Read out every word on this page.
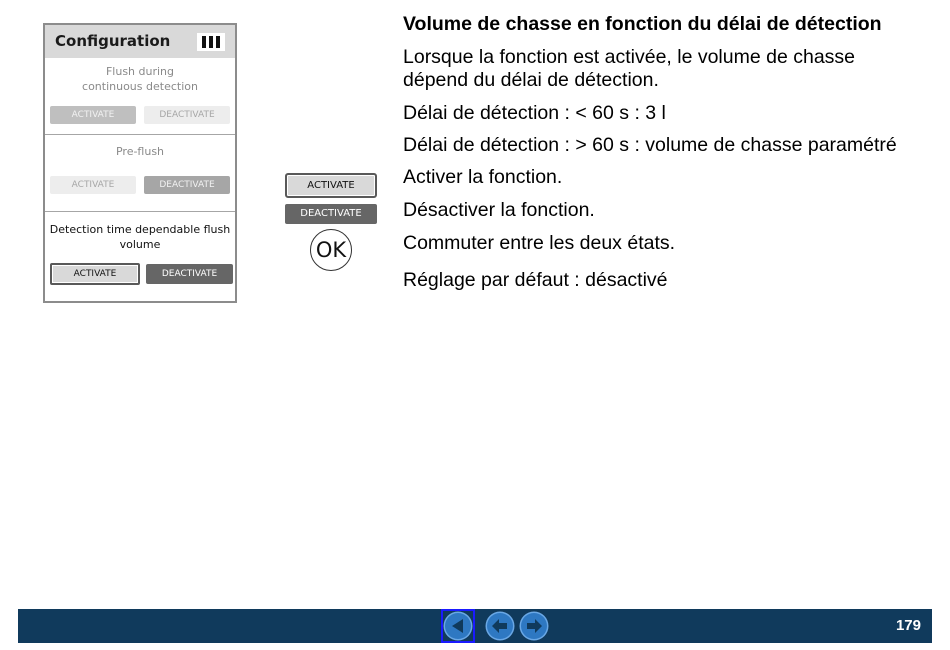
Configuration
Flush during
continuous detection
ACTIVATE	DEACTIVATE
Pre-flush
ACTIVATE	DEACTIVATE
Detection time dependable flush
volume
ACTIVATE	DEACTIVATE
ACTIVATE
DEACTIVATE
OK
Volume de chasse en fonction du délai de détection
Lorsque la fonction est activée, le volume de chasse dépend du délai de détection.
Délai de détection : < 60 s : 3 l
Délai de détection : > 60 s : volume de chasse paramétré
Activer la fonction.
Désactiver la fonction.
Commuter entre les deux états.
Réglage par défaut : désactivé
179
